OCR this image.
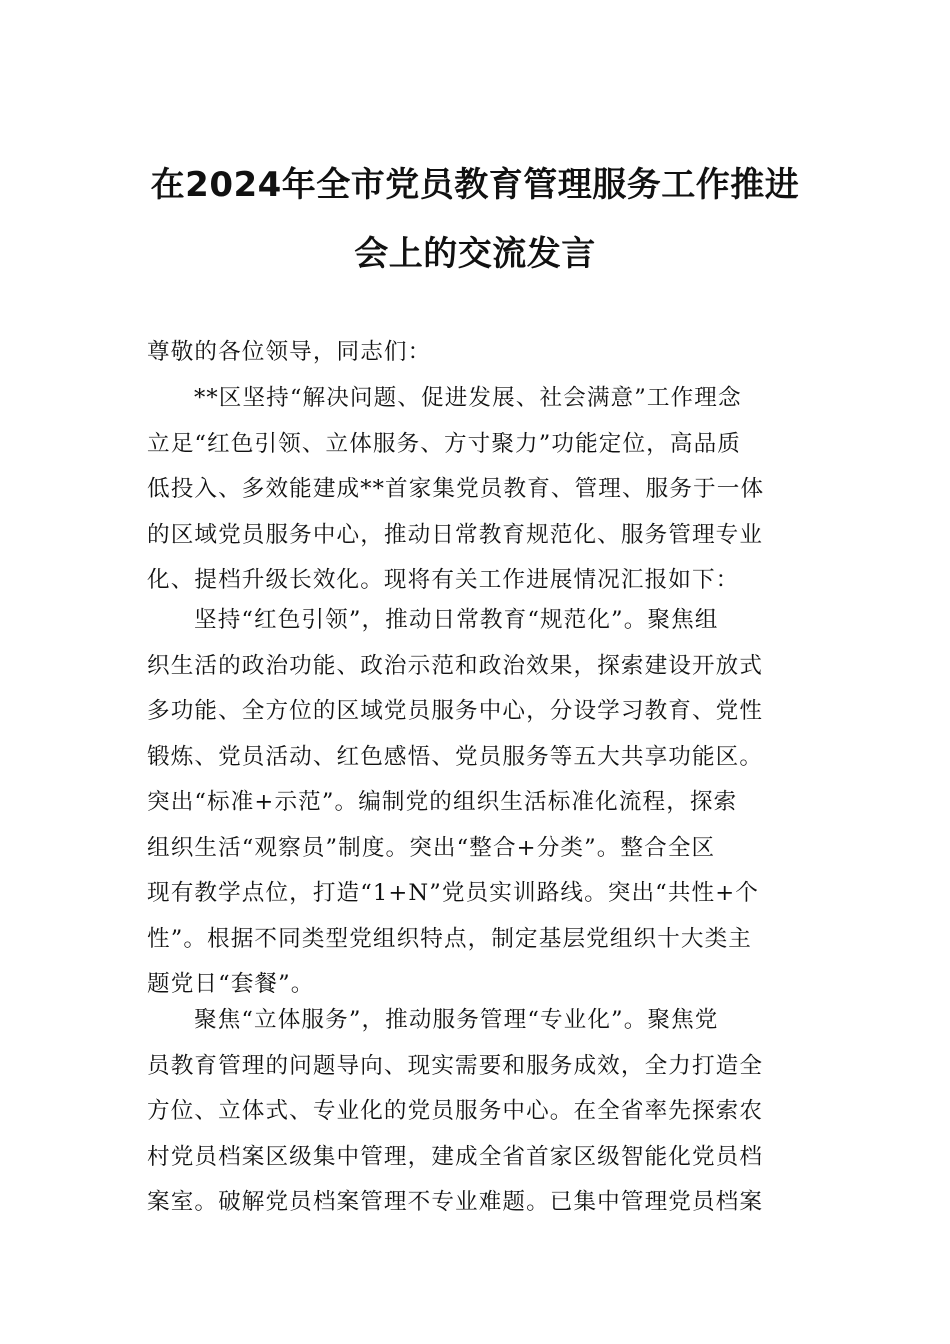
在2024年全市党员教育管理服务工作推进
会上的交流发言
尊敬的各位领导，同志们：
**区坚持“解决问题、促进发展、社会满意”工作理念
立足“红色引领、立体服务、方寸聚力”功能定位，高品质
低投入、多效能建成**首家集党员教育、管理、服务于一体
的区域党员服务中心，推动日常教育规范化、服务管理专业
化、提档升级长效化。现将有关工作进展情况汇报如下：
坚持“红色引领”，推动日常教育“规范化”。聚焦组
织生活的政治功能、政治示范和政治效果，探索建设开放式
多功能、全方位的区域党员服务中心，分设学习教育、党性
锻炼、党员活动、红色感悟、党员服务等五大共享功能区。
突出“标准+示范”。编制党的组织生活标准化流程，探索
组织生活“观察员”制度。突出“整合+分类”。整合全区
现有教学点位，打造“1+N”党员实训路线。突出“共性+个
性”。根据不同类型党组织特点，制定基层党组织十大类主
题党日“套餐”。
聚焦“立体服务”，推动服务管理“专业化”。聚焦党
员教育管理的问题导向、现实需要和服务成效，全力打造全
方位、立体式、专业化的党员服务中心。在全省率先探索农
村党员档案区级集中管理，建成全省首家区级智能化党员档
案室。破解党员档案管理不专业难题。已集中管理党员档案
